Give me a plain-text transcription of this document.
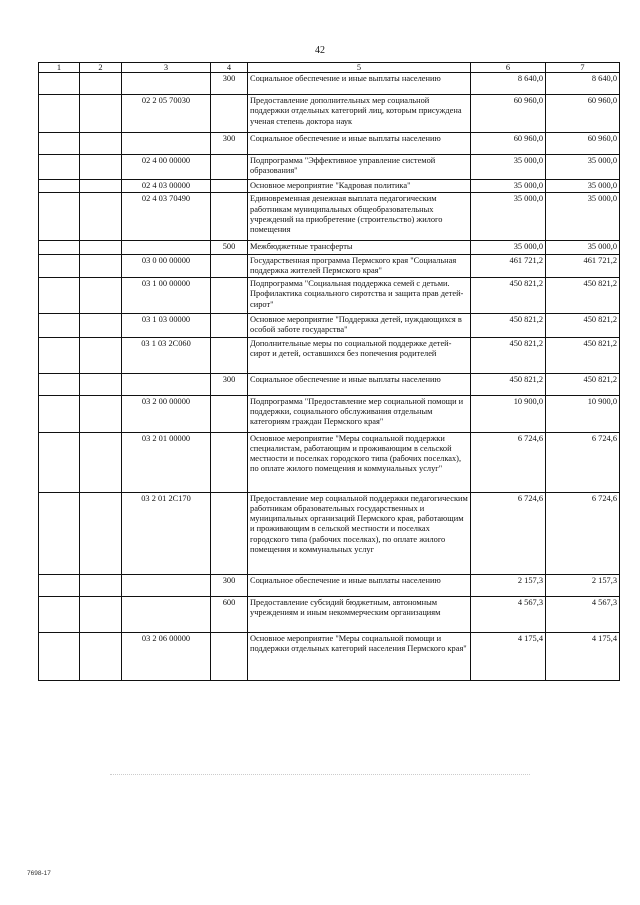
42
1	2	3	4	5	6	7
			300	Социальное обеспечение и иные выплаты населению	8 640,0	8 640,0
		02 2 05 70030		Предоставление дополнительных мер социальной поддержки отдельных категорий лиц, которым присуждена ученая степень доктора наук	60 960,0	60 960,0
			300	Социальное обеспечение и иные выплаты населению	60 960,0	60 960,0
		02 4 00 00000		Подпрограмма "Эффективное управление системой образования"	35 000,0	35 000,0
		02 4 03 00000		Основное мероприятие "Кадровая политика"	35 000,0	35 000,0
		02 4 03 70490		Единовременная денежная выплата педагогическим работникам муниципальных общеобразовательных учреждений на приобретение (строительство) жилого помещения	35 000,0	35 000,0
			500	Межбюджетные трансферты	35 000,0	35 000,0
		03 0 00 00000		Государственная программа Пермского края "Социальная поддержка жителей Пермского края"	461 721,2	461 721,2
		03 1 00 00000		Подпрограмма "Социальная поддержка семей с детьми. Профилактика социального сиротства и защита прав детей-сирот"	450 821,2	450 821,2
		03 1 03 00000		Основное мероприятие "Поддержка детей, нуждающихся в особой заботе государства"	450 821,2	450 821,2
		03 1 03 2С060		Дополнительные меры по социальной поддержке детей-сирот и детей, оставшихся без попечения родителей	450 821,2	450 821,2
			300	Социальное обеспечение и иные выплаты населению	450 821,2	450 821,2
		03 2 00 00000		Подпрограмма "Предоставление мер социальной помощи и поддержки, социального обслуживания отдельным категориям граждан Пермского края"	10 900,0	10 900,0
		03 2 01 00000		Основное мероприятие "Меры социальной поддержки специалистам, работающим и проживающим в сельской местности и поселках городского типа (рабочих поселках), по оплате жилого помещения и коммунальных услуг"	6 724,6	6 724,6
		03 2 01 2С170		Предоставление мер социальной поддержки педагогическим работникам образовательных государственных и муниципальных организаций Пермского края, работающим и проживающим в сельской местности и поселках городского типа (рабочих поселках), по оплате жилого помещения и коммунальных услуг	6 724,6	6 724,6
			300	Социальное обеспечение и иные выплаты населению	2 157,3	2 157,3
			600	Предоставление субсидий бюджетным, автономным учреждениям и иным некоммерческим организациям	4 567,3	4 567,3
		03 2 06 00000		Основное мероприятие "Меры социальной помощи и поддержки отдельных категорий населения Пермского края"	4 175,4	4 175,4
7698-17
